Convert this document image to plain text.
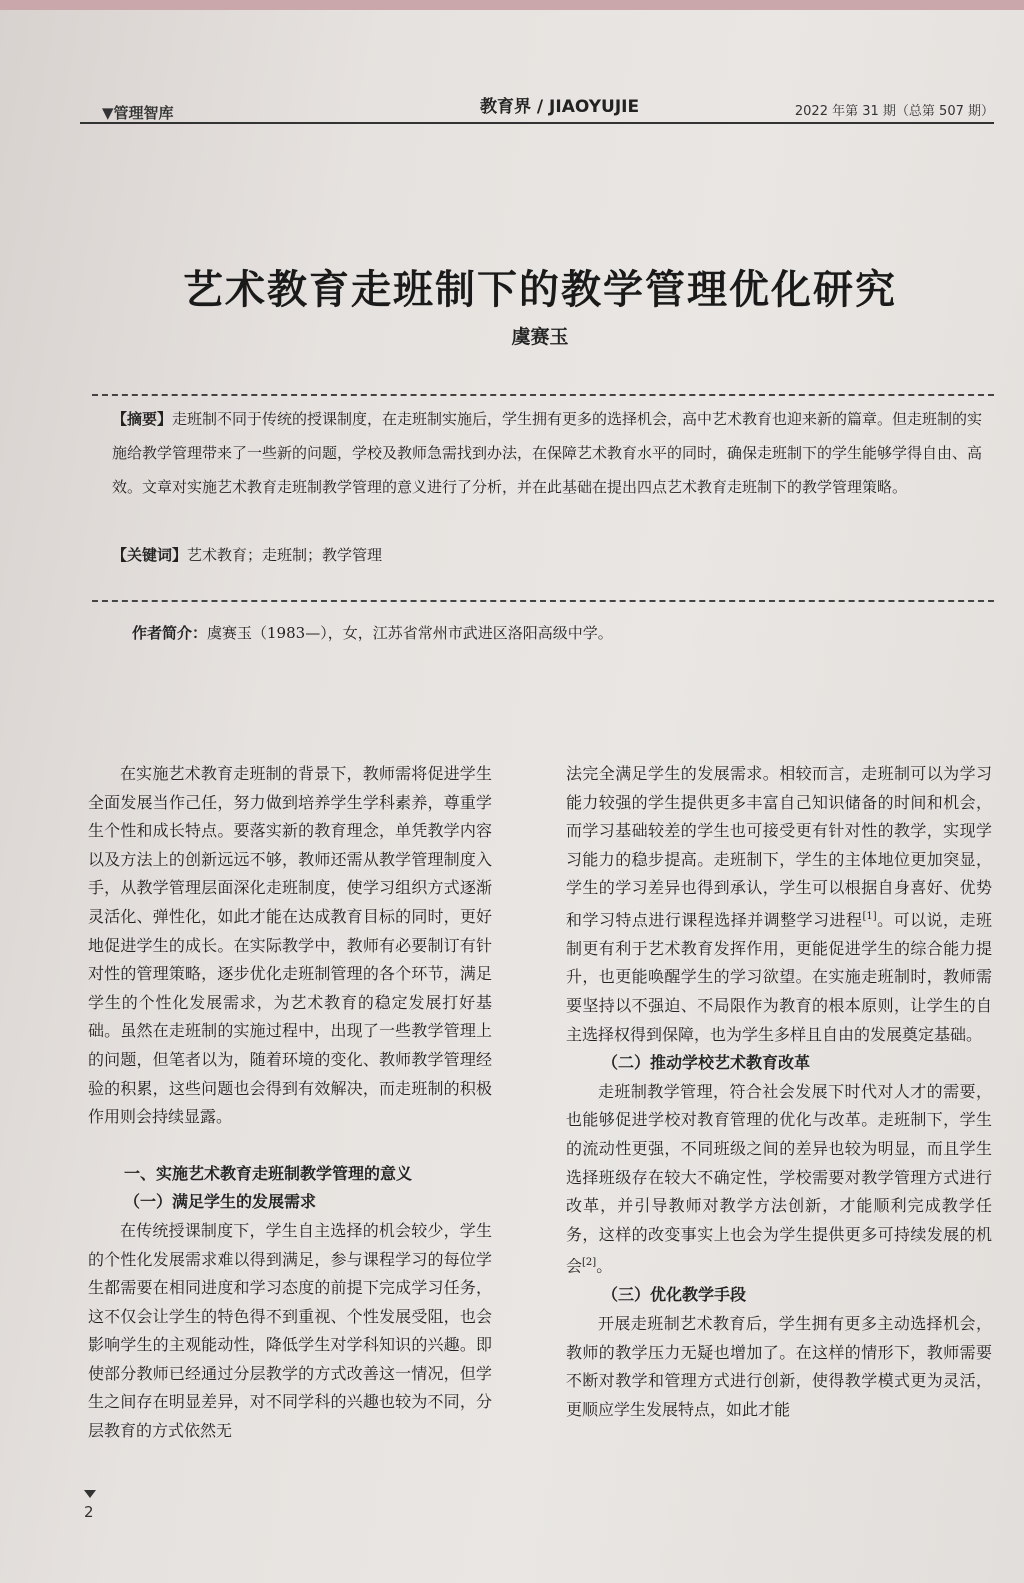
▼管理智库	教育界 / JIAOYUJIE	2022 年第 31 期（总第 507 期）
艺术教育走班制下的教学管理优化研究
虞赛玉
【摘要】走班制不同于传统的授课制度，在走班制实施后，学生拥有更多的选择机会，高中艺术教育也迎来新的篇章。但走班制的实施给教学管理带来了一些新的问题，学校及教师急需找到办法，在保障艺术教育水平的同时，确保走班制下的学生能够学得自由、高效。文章对实施艺术教育走班制教学管理的意义进行了分析，并在此基础在提出四点艺术教育走班制下的教学管理策略。
【关键词】艺术教育；走班制；教学管理
作者简介：虞赛玉（1983—），女，江苏省常州市武进区洛阳高级中学。

在实施艺术教育走班制的背景下，教师需将促进学生全面发展当作己任，努力做到培养学生学科素养，尊重学生个性和成长特点。要落实新的教育理念，单凭教学内容以及方法上的创新远远不够，教师还需从教学管理制度入手，从教学管理层面深化走班制度，使学习组织方式逐渐灵活化、弹性化，如此才能在达成教育目标的同时，更好地促进学生的成长。在实际教学中，教师有必要制订有针对性的管理策略，逐步优化走班制管理的各个环节，满足学生的个性化发展需求，为艺术教育的稳定发展打好基础。虽然在走班制的实施过程中，出现了一些教学管理上的问题，但笔者以为，随着环境的变化、教师教学管理经验的积累，这些问题也会得到有效解决，而走班制的积极作用则会持续显露。

一、实施艺术教育走班制教学管理的意义
（一）满足学生的发展需求

在传统授课制度下，学生自主选择的机会较少，学生的个性化发展需求难以得到满足，参与课程学习的每位学生都需要在相同进度和学习态度的前提下完成学习任务，这不仅会让学生的特色得不到重视、个性发展受阻，也会影响学生的主观能动性，降低学生对学科知识的兴趣。即使部分教师已经通过分层教学的方式改善这一情况，但学生之间存在明显差异，对不同学科的兴趣也较为不同，分层教育的方式依然无

法完全满足学生的发展需求。相较而言，走班制可以为学习能力较强的学生提供更多丰富自己知识储备的时间和机会，而学习基础较差的学生也可接受更有针对性的教学，实现学习能力的稳步提高。走班制下，学生的主体地位更加突显，学生的学习差异也得到承认，学生可以根据自身喜好、优势和学习特点进行课程选择并调整学习进程[1]。可以说，走班制更有利于艺术教育发挥作用，更能促进学生的综合能力提升，也更能唤醒学生的学习欲望。在实施走班制时，教师需要坚持以不强迫、不局限作为教育的根本原则，让学生的自主选择权得到保障，也为学生多样且自由的发展奠定基础。

（二）推动学校艺术教育改革

走班制教学管理，符合社会发展下时代对人才的需要，也能够促进学校对教育管理的优化与改革。走班制下，学生的流动性更强，不同班级之间的差异也较为明显，而且学生选择班级存在较大不确定性，学校需要对教学管理方式进行改革，并引导教师对教学方法创新，才能顺利完成教学任务，这样的改变事实上也会为学生提供更多可持续发展的机会[2]。

（三）优化教学手段

开展走班制艺术教育后，学生拥有更多主动选择机会，教师的教学压力无疑也增加了。在这样的情形下，教师需要不断对教学和管理方式进行创新，使得教学模式更为灵活，更顺应学生发展特点，如此才能

2
